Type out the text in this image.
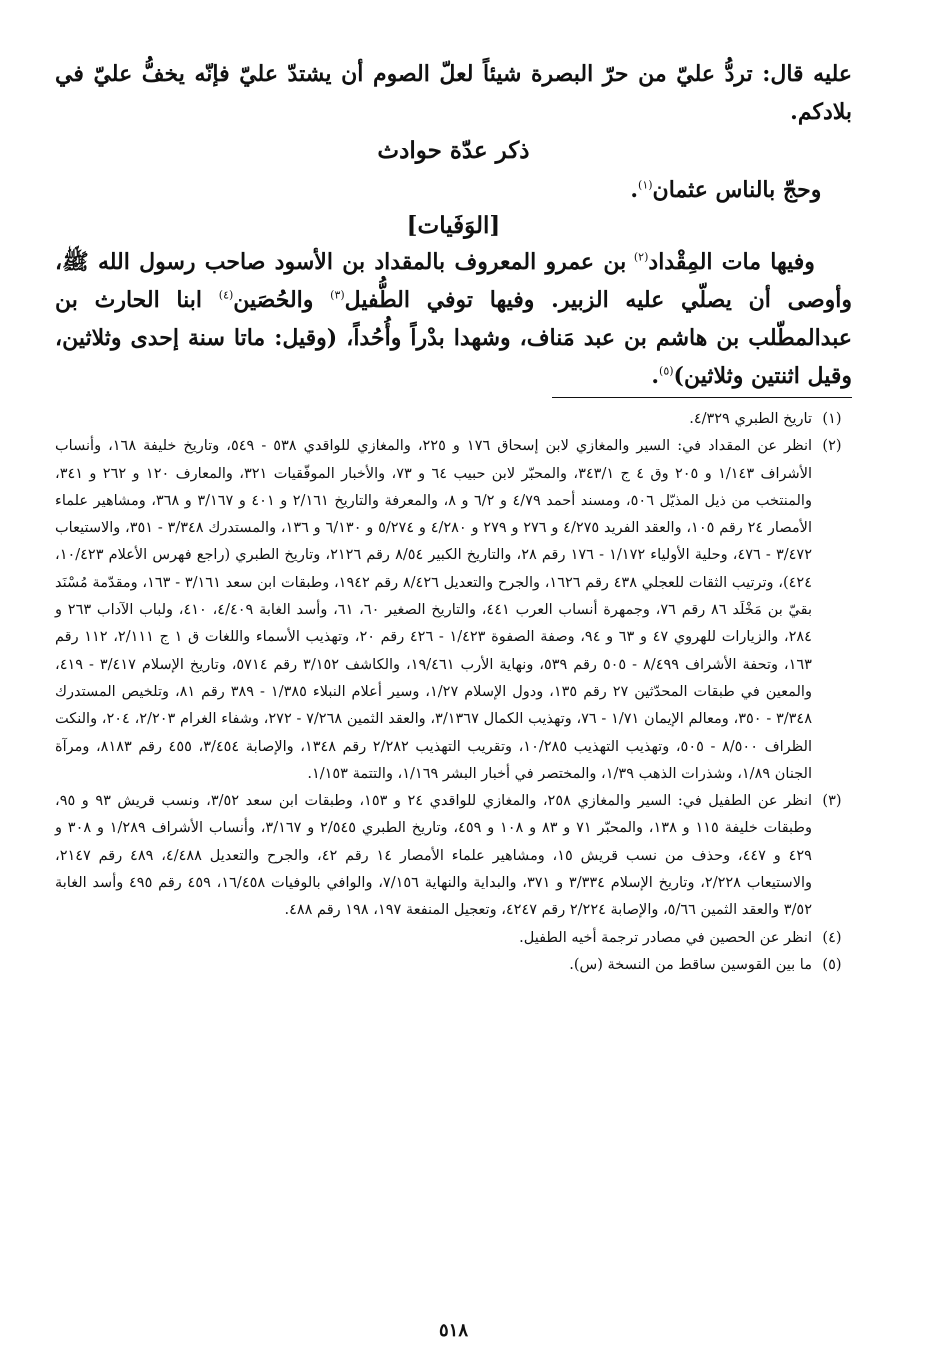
عليه قال: تردُّ عليّ من حرّ البصرة شيئاً لعلّ الصوم أن يشتدّ عليّ فإنّه يخفُّ عليّ في بلادكم.

ذكر عدّة حوادث

وحجّ بالناس عثمان$^{(١)}$.

[الوَفَيات]

وفيها مات المِقْداد$^{(٢)}$ بن عمرو المعروف بالمقداد بن الأسود صاحب رسول الله ﷺ، وأوصى أن يصلّي عليه الزبير. وفيها توفي الطُّفيل$^{(٣)}$ والحُصَين$^{(٤)}$ ابنا الحارث بن عبدالمطّلب بن هاشم بن عبد مَناف، وشهدا بدْراً وأُحُداً، (وقيل: ماتا سنة إحدى وثلاثين، وقيل اثنتين وثلاثين)$^{(٥)}$.

(١)
تاريخ الطبري ٤/٣٢٩.
(٢)
انظر عن المقداد في: السير والمغازي لابن إسحاق ١٧٦ و ٢٢٥، والمغازي للواقدي ٥٣٨ - ٥٤٩، وتاريخ خليفة ١٦٨، وأنساب الأشراف ١/١٤٣ و ٢٠٥ وق ٤ ج ٣٤٣/١، والمحبّر لابن حبيب ٦٤ و ٧٣، والأخبار الموفّقيات ٣٢١، والمعارف ١٢٠ و ٢٦٢ و ٣٤١، والمنتخب من ذيل المذيّل ٥٠٦، ومسند أحمد ٤/٧٩ و ٦/٢ و ٨، والمعرفة والتاريخ ٢/١٦١ و ٤٠١ و ٣/١٦٧ و ٣٦٨، ومشاهير علماء الأمصار ٢٤ رقم ١٠٥، والعقد الفريد ٤/٢٧٥ و ٢٧٦ و ٢٧٩ و ٤/٢٨٠ و ٥/٢٧٤ و ٦/١٣٠ و ١٣٦، والمستدرك ٣/٣٤٨ - ٣٥١، والاستيعاب ٣/٤٧٢ - ٤٧٦، وحلية الأولياء ١/١٧٢ - ١٧٦ رقم ٢٨، والتاريخ الكبير ٨/٥٤ رقم ٢١٢٦، وتاريخ الطبري (راجع فهرس الأعلام ١٠/٤٢٣، ٤٢٤)، وترتيب الثقات للعجلي ٤٣٨ رقم ١٦٢٦، والجرح والتعديل ٨/٤٢٦ رقم ١٩٤٢، وطبقات ابن سعد ٣/١٦١ - ١٦٣، ومقدّمة مُسْنَد بقيّ بن مَخْلَد ٨٦ رقم ٧٦، وجمهرة أنساب العرب ٤٤١، والتاريخ الصغير ٦٠، ٦١، وأسد الغابة ٤/٤٠٩، ٤١٠، ولباب الآداب ٢٦٣ و ٢٨٤، والزيارات للهروي ٤٧ و ٦٣ و ٩٤، وصفة الصفوة ١/٤٢٣ - ٤٢٦ رقم ٢٠، وتهذيب الأسماء واللغات ق ١ ج ٢/١١١، ١١٢ رقم ١٦٣، وتحفة الأشراف ٨/٤٩٩ - ٥٠٥ رقم ٥٣٩، ونهاية الأرب ١٩/٤٦١، والكاشف ٣/١٥٢ رقم ٥٧١٤، وتاريخ الإسلام ٣/٤١٧ - ٤١٩، والمعين في طبقات المحدّثين ٢٧ رقم ١٣٥، ودول الإسلام ١/٢٧، وسير أعلام النبلاء ١/٣٨٥ - ٣٨٩ رقم ٨١، وتلخيص المستدرك ٣/٣٤٨ - ٣٥٠، ومعالم الإيمان ١/٧١ - ٧٦، وتهذيب الكمال ٣/١٣٦٧، والعقد الثمين ٧/٢٦٨ - ٢٧٢، وشفاء الغرام ٢/٢٠٣، ٢٠٤، والنكت الظراف ٨/٥٠٠ - ٥٠٥، وتهذيب التهذيب ١٠/٢٨٥، وتقريب التهذيب ٢/٢٨٢ رقم ١٣٤٨، والإصابة ٣/٤٥٤، ٤٥٥ رقم ٨١٨٣، ومرآة الجنان ١/٨٩، وشذرات الذهب ١/٣٩، والمختصر في أخبار البشر ١/١٦٩، والتتمة ١/١٥٣.
(٣)
انظر عن الطفيل في: السير والمغازي ٢٥٨، والمغازي للواقدي ٢٤ و ١٥٣، وطبقات ابن سعد ٣/٥٢، ونسب قريش ٩٣ و ٩٥، وطبقات خليفة ١١٥ و ١٣٨، والمحبّر ٧١ و ٨٣ و ١٠٨ و ٤٥٩، وتاريخ الطبري ٢/٥٤٥ و ٣/١٦٧، وأنساب الأشراف ١/٢٨٩ و ٣٠٨ و ٤٢٩ و ٤٤٧، وحذف من نسب قريش ١٥، ومشاهير علماء الأمصار ١٤ رقم ٤٢، والجرح والتعديل ٤/٤٨٨، ٤٨٩ رقم ٢١٤٧، والاستيعاب ٢/٢٢٨، وتاريخ الإسلام ٣/٣٣٤ و ٣٧١، والبداية والنهاية ٧/١٥٦، والوافي بالوفيات ١٦/٤٥٨، ٤٥٩ رقم ٤٩٥ وأسد الغابة ٣/٥٢ والعقد الثمين ٥/٦٦، والإصابة ٢/٢٢٤ رقم ٤٢٤٧، وتعجيل المنفعة ١٩٧، ١٩٨ رقم ٤٨٨.
(٤)
انظر عن الحصين في مصادر ترجمة أخيه الطفيل.
(٥)
ما بين القوسين ساقط من النسخة (س).
٥١٨
